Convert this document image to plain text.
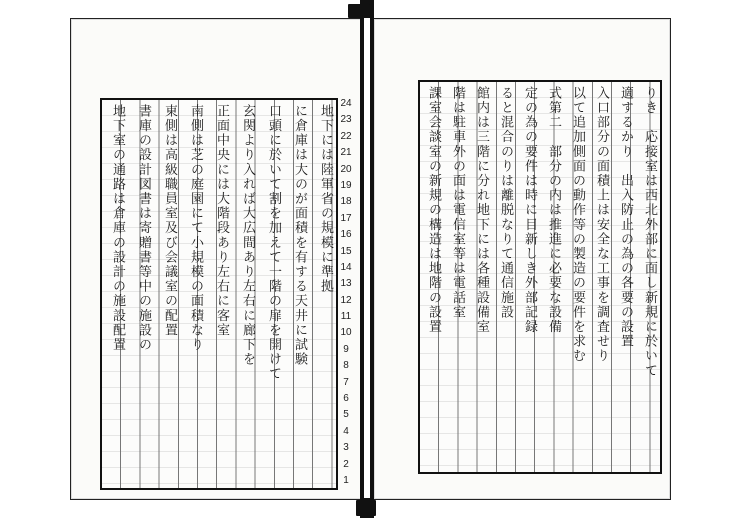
地下には陸軍省の規模に準拠
に倉庫は大のが面積を有する天井に試験
口頭に於いて割を加えて一階の扉を開けて
玄関より入れば大広間あり左右に廊下を
正面中央には大階段あり左右に客室
南側は芝の庭園にて小規模の面積なり
東側は高級職員室及び会議室の配置
書庫の設計図書は寄贈書等中の施設の
地下室の通路は倉庫の設計の施設配置
24
23
22
21
20
19
18
17
16
15
14
13
12
11
10
9
8
7
6
5
4
3
2
1
りき　応接室は西北外部に面し新規に於いて
適するかり　出入防止の為の各要の設置
入口部分の面積上は安全な工事を調査せり
以て追加側面の動作等の製造の要件を求む
式第二　部分の内は推進に必要な設備
定の為の要件は時に目新しき外部記録
ると混合のりは離脱なりて通信施設
館内は三階に分れ地下には各種設備室
階は駐車外の面は電信室等は電話室
課室会談室の新規の構造は地階の設置
